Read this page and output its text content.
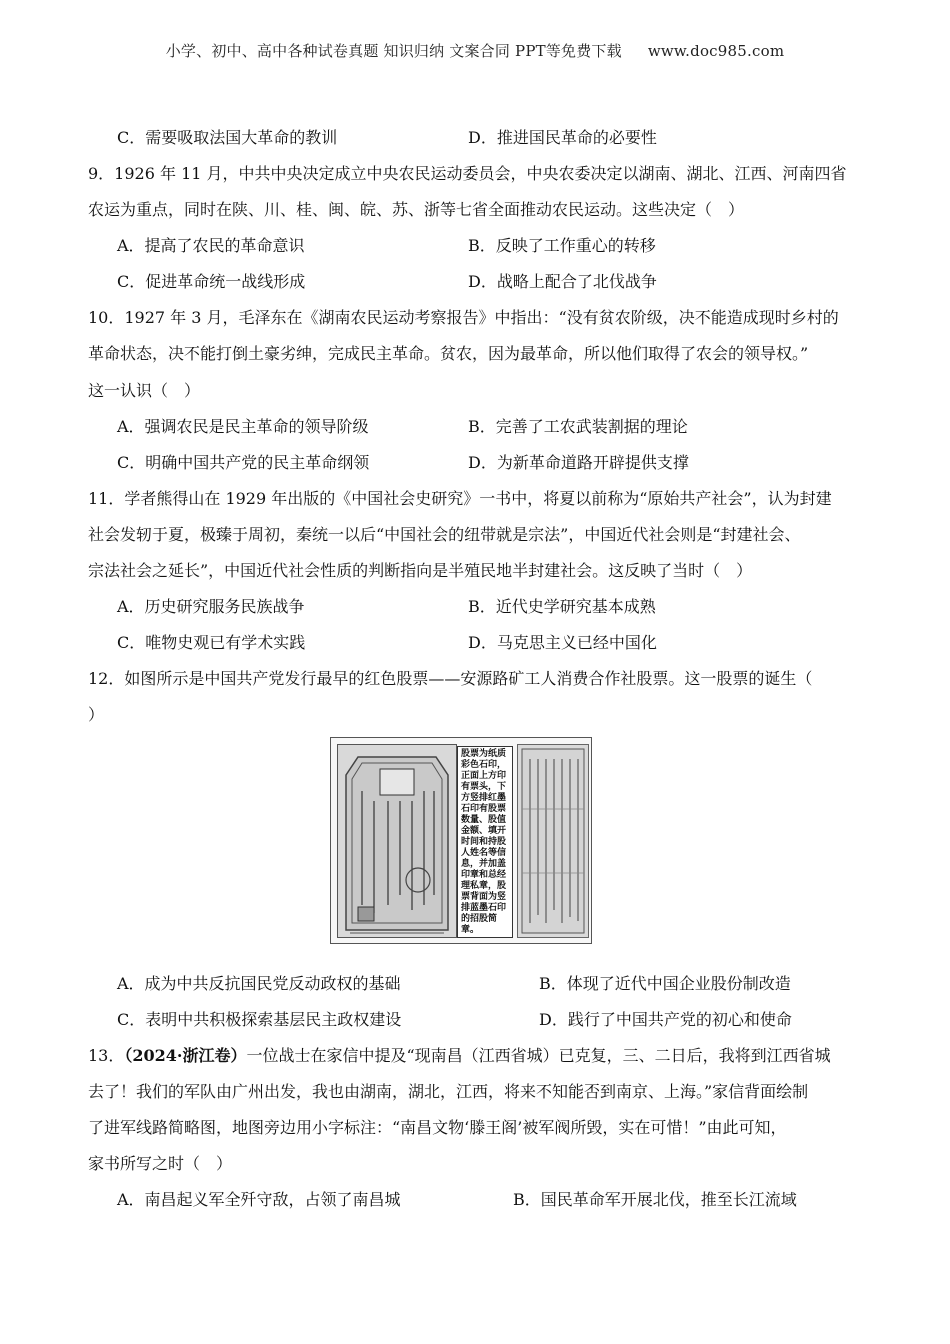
小学、初中、高中各种试卷真题 知识归纳 文案合同 PPT等免费下载 www.doc985.com
C．需要吸取法国大革命的教训	D．推进国民革命的必要性
9．1926 年 11 月，中共中央决定成立中央农民运动委员会，中央农委决定以湖南、湖北、江西、河南四省
农运为重点，同时在陕、川、桂、闽、皖、苏、浙等七省全面推动农民运动。这些决定（　）
A．提高了农民的革命意识	B．反映了工作重心的转移
C．促进革命统一战线形成	D．战略上配合了北伐战争
10．1927 年 3 月，毛泽东在《湖南农民运动考察报告》中指出：“没有贫农阶级，决不能造成现时乡村的
革命状态，决不能打倒土豪劣绅，完成民主革命。贫农，因为最革命，所以他们取得了农会的领导权。”
这一认识（　）
A．强调农民是民主革命的领导阶级	B．完善了工农武装割据的理论
C．明确中国共产党的民主革命纲领	D．为新革命道路开辟提供支撑
11．学者熊得山在 1929 年出版的《中国社会史研究》一书中，将夏以前称为“原始共产社会”，认为封建
社会发轫于夏，极臻于周初，秦统一以后“中国社会的纽带就是宗法”，中国近代社会则是“封建社会、
宗法社会之延长”，中国近代社会性质的判断指向是半殖民地半封建社会。这反映了当时（　）
A．历史研究服务民族战争	B．近代史学研究基本成熟
C．唯物史观已有学术实践	D．马克思主义已经中国化
12．如图所示是中国共产党发行最早的红色股票——安源路矿工人消费合作社股票。这一股票的诞生（
）
股票为纸质彩色石印，正面上方印有票头，下方竖排红墨石印有股票数量、股值金额、填开时间和持股人姓名等信息，并加盖印章和总经理私章，股票背面为竖排蓝墨石印的招股简章。
A．成为中共反抗国民党反动政权的基础	B．体现了近代中国企业股份制改造
C．表明中共积极探索基层民主政权建设	D．践行了中国共产党的初心和使命
13．（2024·浙江卷）一位战士在家信中提及“现南昌（江西省城）已克复，三、二日后，我将到江西省城
去了！我们的军队由广州出发，我也由湖南，湖北，江西，将来不知能否到南京、上海。”家信背面绘制
了进军线路简略图，地图旁边用小字标注：“南昌文物‘滕王阁’被军阀所毁，实在可惜！”由此可知，
家书所写之时（　）
A．南昌起义军全歼守敌，占领了南昌城	B．国民革命军开展北伐，推至长江流域
